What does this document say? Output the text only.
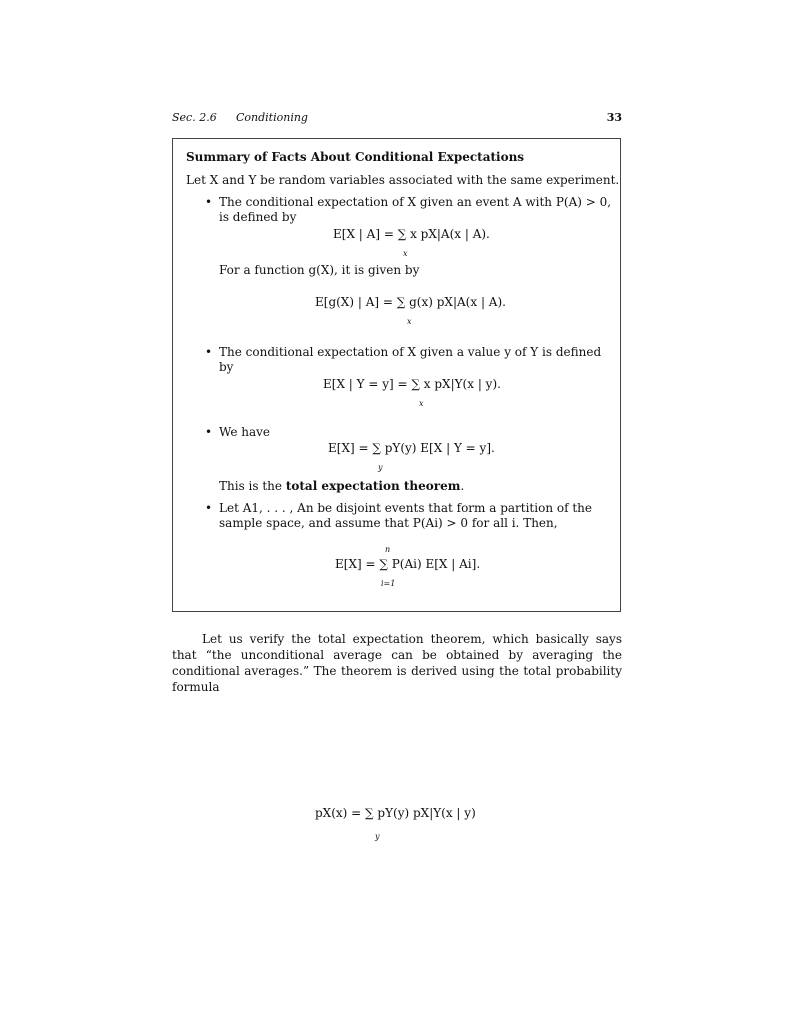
Sec. 2.6 Conditioning	33
Summary of Facts About Conditional Expectations
Let X and Y be random variables associated with the same experiment.
• The conditional expectation of X given an event A with P(A) > 0, is defined by
E[X | A] = ∑ x pX|A(x | A).
x
For a function g(X), it is given by
E[g(X) | A] = ∑ g(x) pX|A(x | A).
x
• The conditional expectation of X given a value y of Y is defined by
E[X | Y = y] = ∑ x pX|Y(x | y).
x
• We have
E[X] = ∑ pY(y) E[X | Y = y].
y
This is the total expectation theorem.
• Let A1, . . . , An be disjoint events that form a partition of the sample space, and assume that P(Ai) > 0 for all i. Then,
n
E[X] = ∑ P(Ai) E[X | Ai].
i=1
Let us verify the total expectation theorem, which basically says that “the unconditional average can be obtained by averaging the conditional averages.” The theorem is derived using the total probability formula
pX(x) = ∑ pY(y) pX|Y(x | y)
y
